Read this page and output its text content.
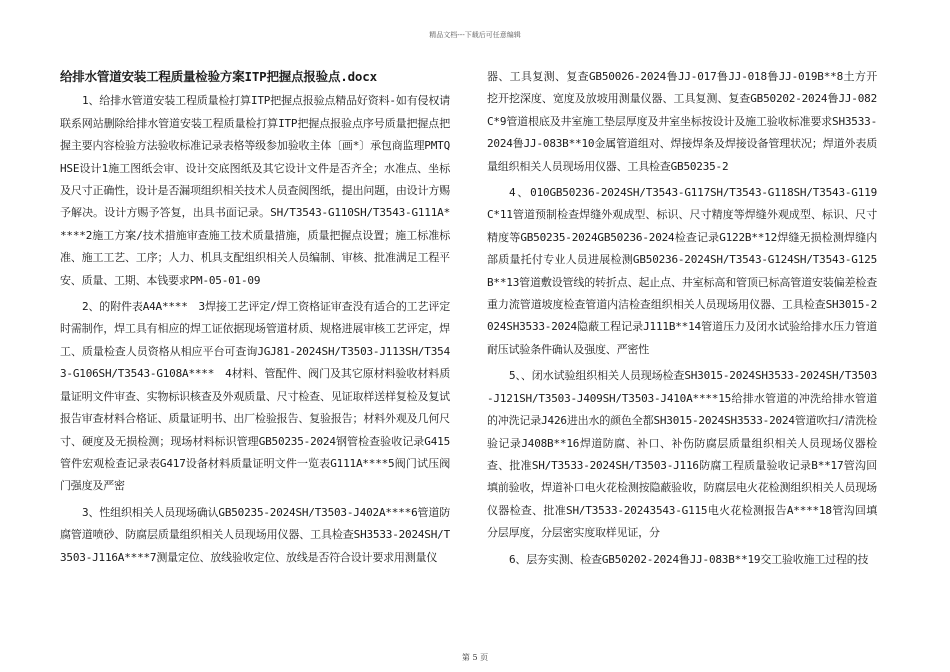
精品文档---下载后可任意编辑
给排水管道安装工程质量检验方案ITP把握点报验点.docx

1、给排水管道安装工程质量检打算ITP把握点报验点精品好资料-如有侵权请联系网站删除给排水管道安装工程质量检打算ITP把握点报验点序号质量把握点把握主要内容检验方法验收标准记录表格等级参加验收主体〔画*〕承包商监理PMTQHSE设计1施工图纸会审、设计交底图纸及其它设计文件是否齐全；水准点、坐标及尺寸正确性，设计是否漏项组织相关技术人员查阅图纸，提出问题，由设计方赐予解决。设计方赐予答复，出具书面记录。SH/T3543-G110SH/T3543-G111A*****2施工方案/技术措施审查施工技术质量措施，质量把握点设置；施工标准标准、施工工艺、工序；人力、机具支配组织相关人员编制、审核、批准满足工程平安、质量、工期、本钱要求PM-05-01-09

2、的附件表A4A****　3焊接工艺评定/焊工资格证审查没有适合的工艺评定时需制作，焊工具有相应的焊工证依据现场管道材质、规格进展审核工艺评定，焊工、质量检查人员资格从相应平台可查询JGJ81-2024SH/T3503-J113SH/T3543-G106SH/T3543-G108A****　4材料、管配件、阀门及其它原材料验收材料质量证明文件审查、实物标识核查及外观质量、尺寸检查、见证取样送样复检及复试报告审查材料合格证、质量证明书、出厂检验报告、复验报告；材料外观及几何尺寸、硬度及无损检测；现场材料标识管理GB50235-2024钢管检查验收记录G415管件宏观检查记录表G417设备材料质量证明文件一览表G111A****5阀门试压阀门强度及严密

3、性组织相关人员现场确认GB50235-2024SH/T3503-J402A****6管道防腐管道喷砂、防腐层质量组织相关人员现场用仪器、工具检查SH3533-2024SH/T3503-J116A****7测量定位、放线验收定位、放线是否符合设计要求用测量仪

器、工具复测、复查GB50026-2024鲁JJ-017鲁JJ-018鲁JJ-019B**8土方开挖开挖深度、宽度及放坡用测量仪器、工具复测、复查GB50202-2024鲁JJ-082C*9管道根底及井室施工垫层厚度及井室坐标按设计及施工验收标准要求SH3533-2024鲁JJ-083B**10金属管道组对、焊接焊条及焊接设备管理状况；焊道外表质量组织相关人员现场用仪器、工具检查GB50235-2

4、010GB50236-2024SH/T3543-G117SH/T3543-G118SH/T3543-G119C*11管道预制检查焊缝外观成型、标识、尺寸精度等焊缝外观成型、标识、尺寸精度等GB50235-2024GB50236-2024检查记录G122B**12焊缝无损检测焊缝内部质量托付专业人员进展检测GB50236-2024SH/T3543-G124SH/T3543-G125B**13管道敷设管线的转折点、起止点、井室标高和管顶已标高管道安装偏差检查重力流管道坡度检查管道内洁检查组织相关人员现场用仪器、工具检查SH3015-2024SH3533-2024隐蔽工程记录J111B**14管道压力及闭水试验给排水压力管道耐压试验条件确认及强度、严密性

5、、闭水试验组织相关人员现场检查SH3015-2024SH3533-2024SH/T3503-J121SH/T3503-J409SH/T3503-J410A****15给排水管道的冲洗给排水管道的冲洗记录J426进出水的颜色全都SH3015-2024SH3533-2024管道吹扫/清洗检验记录J408B**16焊道防腐、补口、补伤防腐层质量组织相关人员现场仪器检查、批准SH/T3533-2024SH/T3503-J116防腐工程质量验收记录B**17管沟回填前验收，焊道补口电火花检测按隐蔽验收，防腐层电火花检测组织相关人员现场仪器检查、批准SH/T3533-20243543-G115电火花检测报告A****18管沟回填分层厚度，分层密实度取样见证，分

6、层夯实测、检查GB50202-2024鲁JJ-083B**19交工验收施工过程的技

第 5 页
